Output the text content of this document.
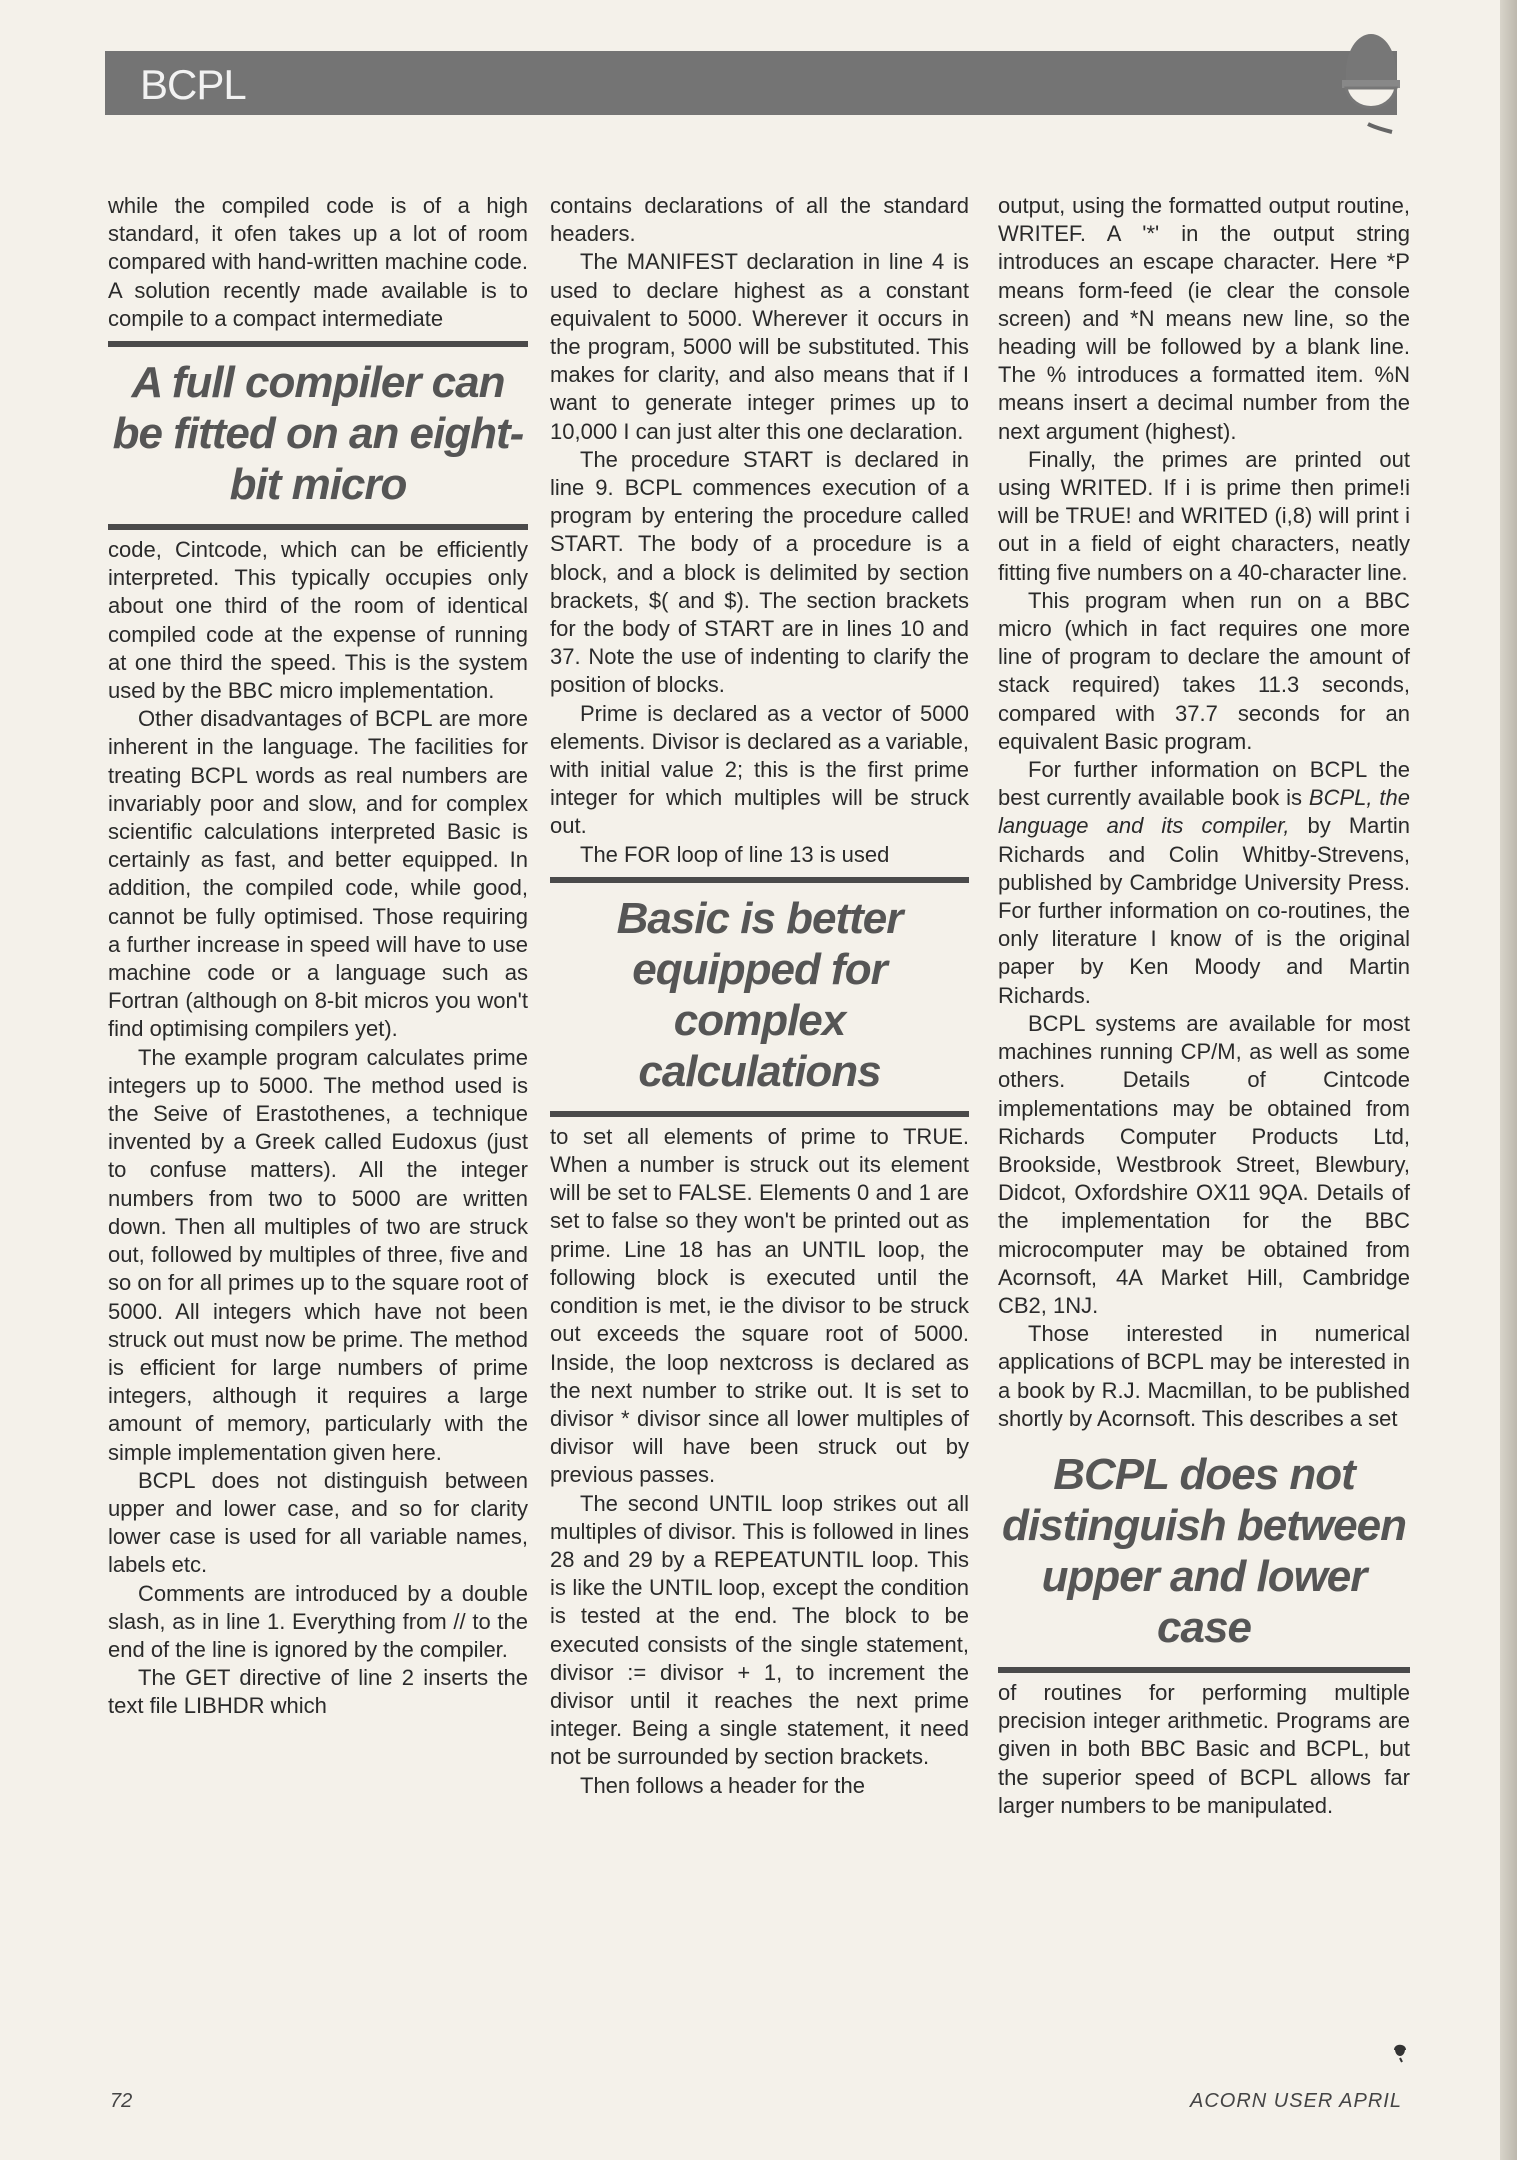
BCPL

while the compiled code is of a high standard, it ofen takes up a lot of room compared with hand-written machine code. A solution recently made available is to compile to a compact intermediate

A full compiler can be fitted on an eight-bit micro

code, Cintcode, which can be efficiently interpreted. This typically occupies only about one third of the room of identical compiled code at the expense of running at one third the speed. This is the system used by the BBC micro implementation.

Other disadvantages of BCPL are more inherent in the language. The facilities for treating BCPL words as real numbers are invariably poor and slow, and for complex scientific calculations interpreted Basic is certainly as fast, and better equipped. In addition, the compiled code, while good, cannot be fully optimised. Those requiring a further increase in speed will have to use machine code or a language such as Fortran (although on 8-bit micros you won't find optimising compilers yet).

The example program calculates prime integers up to 5000. The method used is the Seive of Erastothenes, a technique invented by a Greek called Eudoxus (just to confuse matters). All the integer numbers from two to 5000 are written down. Then all multiples of two are struck out, followed by multiples of three, five and so on for all primes up to the square root of 5000. All integers which have not been struck out must now be prime. The method is efficient for large numbers of prime integers, although it requires a large amount of memory, particularly with the simple implementation given here.

BCPL does not distinguish between upper and lower case, and so for clarity lower case is used for all variable names, labels etc.

Comments are introduced by a double slash, as in line 1. Everything from // to the end of the line is ignored by the compiler.

The GET directive of line 2 inserts the text file LIBHDR which

contains declarations of all the standard headers.

The MANIFEST declaration in line 4 is used to declare highest as a constant equivalent to 5000. Wherever it occurs in the program, 5000 will be substituted. This makes for clarity, and also means that if I want to generate integer primes up to 10,000 I can just alter this one declaration.

The procedure START is declared in line 9. BCPL commences execution of a program by entering the procedure called START. The body of a procedure is a block, and a block is delimited by section brackets, $( and $). The section brackets for the body of START are in lines 10 and 37. Note the use of indenting to clarify the position of blocks.

Prime is declared as a vector of 5000 elements. Divisor is declared as a variable, with initial value 2; this is the first prime integer for which multiples will be struck out.

The FOR loop of line 13 is used

Basic is better equipped for complex calculations

to set all elements of prime to TRUE. When a number is struck out its element will be set to FALSE. Elements 0 and 1 are set to false so they won't be printed out as prime. Line 18 has an UNTIL loop, the following block is executed until the condition is met, ie the divisor to be struck out exceeds the square root of 5000. Inside, the loop nextcross is declared as the next number to strike out. It is set to divisor * divisor since all lower multiples of divisor will have been struck out by previous passes.

The second UNTIL loop strikes out all multiples of divisor. This is followed in lines 28 and 29 by a REPEATUNTIL loop. This is like the UNTIL loop, except the condition is tested at the end. The block to be executed consists of the single statement, divisor := divisor + 1, to increment the divisor until it reaches the next prime integer. Being a single statement, it need not be surrounded by section brackets.

Then follows a header for the

output, using the formatted output routine, WRITEF. A '*' in the output string introduces an escape character. Here *P means form-feed (ie clear the console screen) and *N means new line, so the heading will be followed by a blank line. The % introduces a formatted item. %N means insert a decimal number from the next argument (highest).

Finally, the primes are printed out using WRITED. If i is prime then prime!i will be TRUE! and WRITED (i,8) will print i out in a field of eight characters, neatly fitting five numbers on a 40-character line.

This program when run on a BBC micro (which in fact requires one more line of program to declare the amount of stack required) takes 11.3 seconds, compared with 37.7 seconds for an equivalent Basic program.

For further information on BCPL the best currently available book is BCPL, the language and its compiler, by Martin Richards and Colin Whitby-Strevens, published by Cambridge University Press. For further information on co-routines, the only literature I know of is the original paper by Ken Moody and Martin Richards.

BCPL systems are available for most machines running CP/M, as well as some others. Details of Cintcode implementations may be obtained from Richards Computer Products Ltd, Brookside, Westbrook Street, Blewbury, Didcot, Oxfordshire OX11 9QA. Details of the implementation for the BBC microcomputer may be obtained from Acornsoft, 4A Market Hill, Cambridge CB2, 1NJ.

Those interested in numerical applications of BCPL may be interested in a book by R.J. Macmillan, to be published shortly by Acornsoft. This describes a set

BCPL does not distinguish between upper and lower case

of routines for performing multiple precision integer arithmetic. Programs are given in both BBC Basic and BCPL, but the superior speed of BCPL allows far larger numbers to be manipulated.

72	ACORN USER APRIL
